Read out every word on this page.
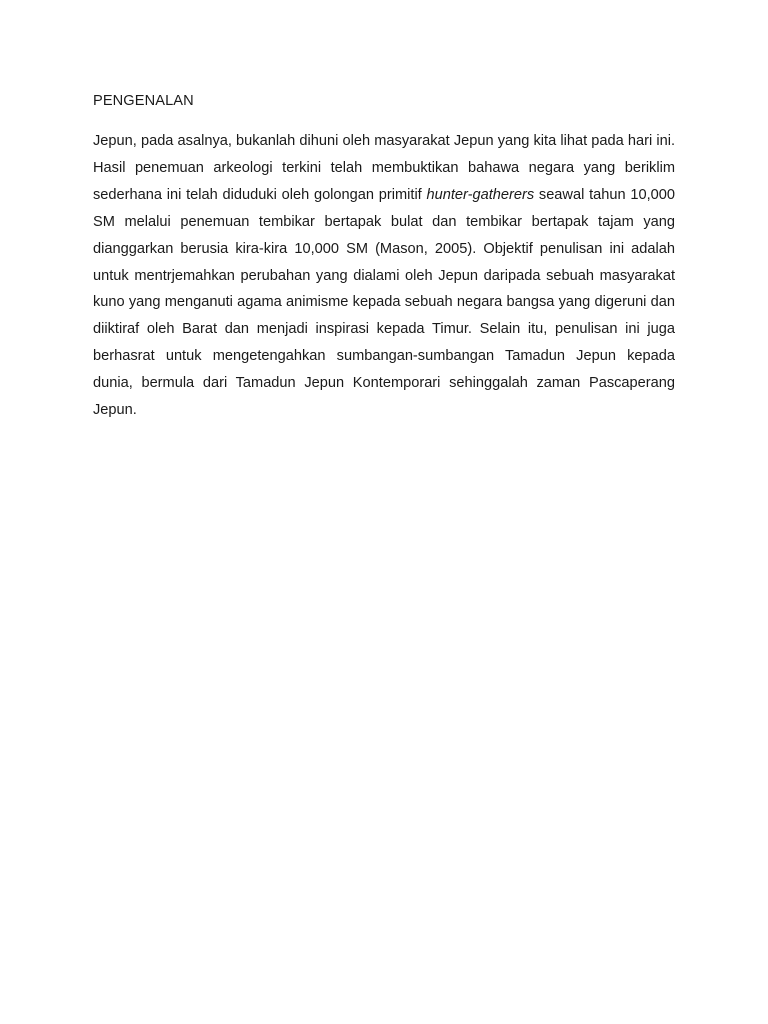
PENGENALAN

Jepun, pada asalnya, bukanlah dihuni oleh masyarakat Jepun yang kita lihat pada hari ini. Hasil penemuan arkeologi terkini telah membuktikan bahawa negara yang beriklim sederhana ini telah diduduki oleh golongan primitif hunter-gatherers seawal tahun 10,000 SM melalui penemuan tembikar bertapak bulat dan tembikar bertapak tajam yang dianggarkan berusia kira-kira 10,000 SM (Mason, 2005). Objektif penulisan ini adalah untuk mentrjemahkan perubahan yang dialami oleh Jepun daripada sebuah masyarakat kuno yang menganuti agama animisme kepada sebuah negara bangsa yang digeruni dan diiktiraf oleh Barat dan menjadi inspirasi kepada Timur. Selain itu, penulisan ini juga berhasrat untuk mengetengahkan sumbangan-sumbangan Tamadun Jepun kepada dunia, bermula dari Tamadun Jepun Kontemporari sehinggalah zaman Pascaperang Jepun.
